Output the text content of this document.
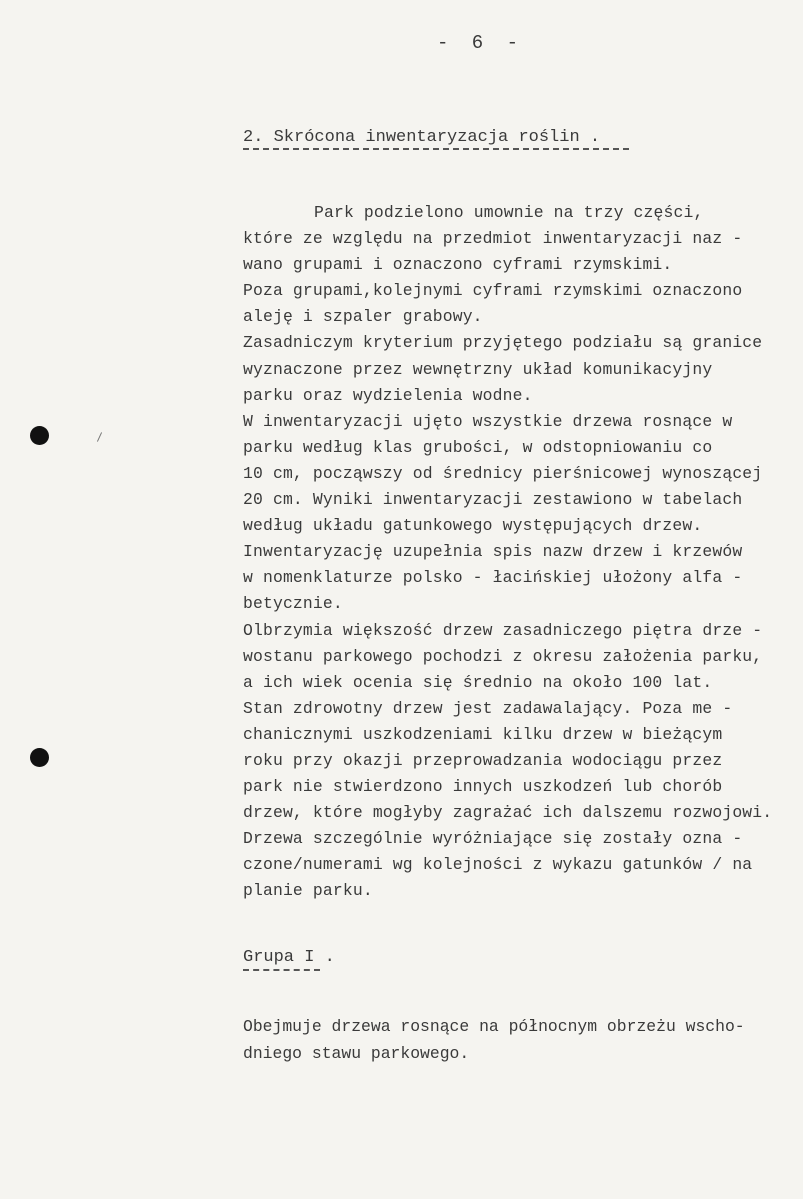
- 6 -
2. Skrócona inwentaryzacja roślin .
Park podzielono umownie na trzy części,
które ze względu na przedmiot inwentaryzacji naz -
wano grupami i oznaczono cyframi rzymskimi.
Poza grupami,kolejnymi cyframi rzymskimi oznaczono
aleję i szpaler grabowy.
Zasadniczym kryterium przyjętego podziału są granice
wyznaczone przez wewnętrzny układ komunikacyjny
parku oraz wydzielenia wodne.
W inwentaryzacji ujęto wszystkie drzewa rosnące w
parku według klas grubości, w odstopniowaniu co
10 cm, począwszy od średnicy pierśnicowej wynoszącej
20 cm. Wyniki inwentaryzacji zestawiono w tabelach
według układu gatunkowego występujących drzew.
Inwentaryzację uzupełnia spis nazw drzew i krzewów
w nomenklaturze polsko - łacińskiej ułożony alfa -
betycznie.
Olbrzymia większość drzew zasadniczego piętra drze -
wostanu parkowego pochodzi z okresu założenia parku,
a ich wiek ocenia się średnio na około 100 lat.
Stan zdrowotny drzew jest zadawalający. Poza me -
chanicznymi uszkodzeniami kilku drzew w bieżącym
roku przy okazji przeprowadzania wodociągu przez
park nie stwierdzono innych uszkodzeń lub chorób
drzew, które mogłyby zagrażać ich dalszemu rozwojowi.
Drzewa szczególnie wyróżniające się zostały ozna -
czone/numerami wg kolejności z wykazu gatunków / na
planie parku.
Grupa I .
Obejmuje drzewa rosnące na północnym obrzeżu wscho-
dniego stawu parkowego.
